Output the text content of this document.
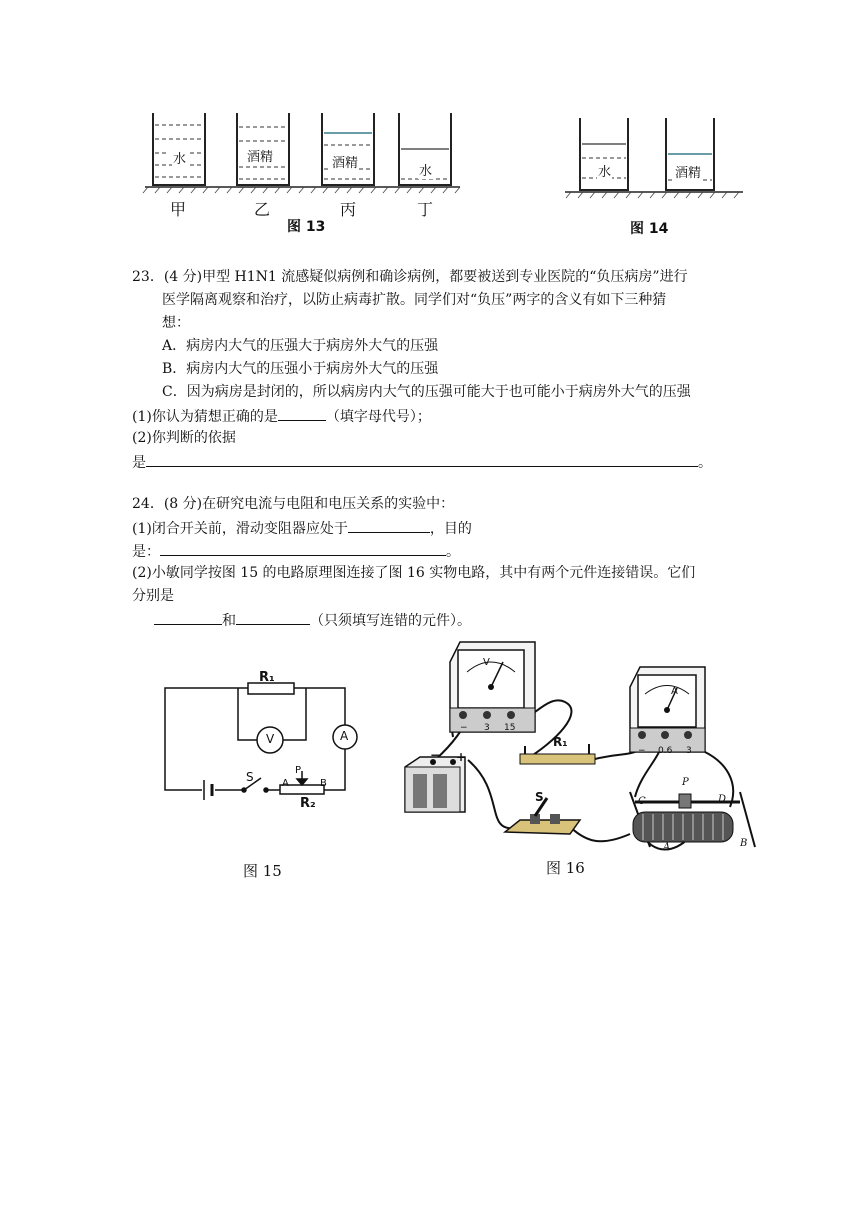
水	酒精	酒精
水
甲	乙	丙	丁
图 13
水	酒精
图 14
23．(4 分)甲型 H1N1 流感疑似病例和确诊病例，都要被送到专业医院的“负压病房”进行
医学隔离观察和治疗，以防止病毒扩散。同学们对“负压”两字的含义有如下三种猜
想：
A．病房内大气的压强大于病房外大气的压强
B．病房内大气的压强小于病房外大气的压强
C．因为病房是封闭的，所以病房内大气的压强可能大于也可能小于病房外大气的压强
(1)你认为猜想正确的是	（填字母代号）；
(2)你判断的依据
是	。
24．(8 分)在研究电流与电阻和电压关系的实验中：
(1)闭合开关前，滑动变阻器应处于	，目的
是：	。
(2)小敏同学按图 15 的电路原理图连接了图 16 实物电路，其中有两个元件连接错误。它们
分别是
和	（只须填写连错的元件）。
R₁
V	A
S	P
A	B
R₂
图 15
V
− 3 15
A
− 0.6 3
R₁
S
− +
C
P
D
A	B
图 16
